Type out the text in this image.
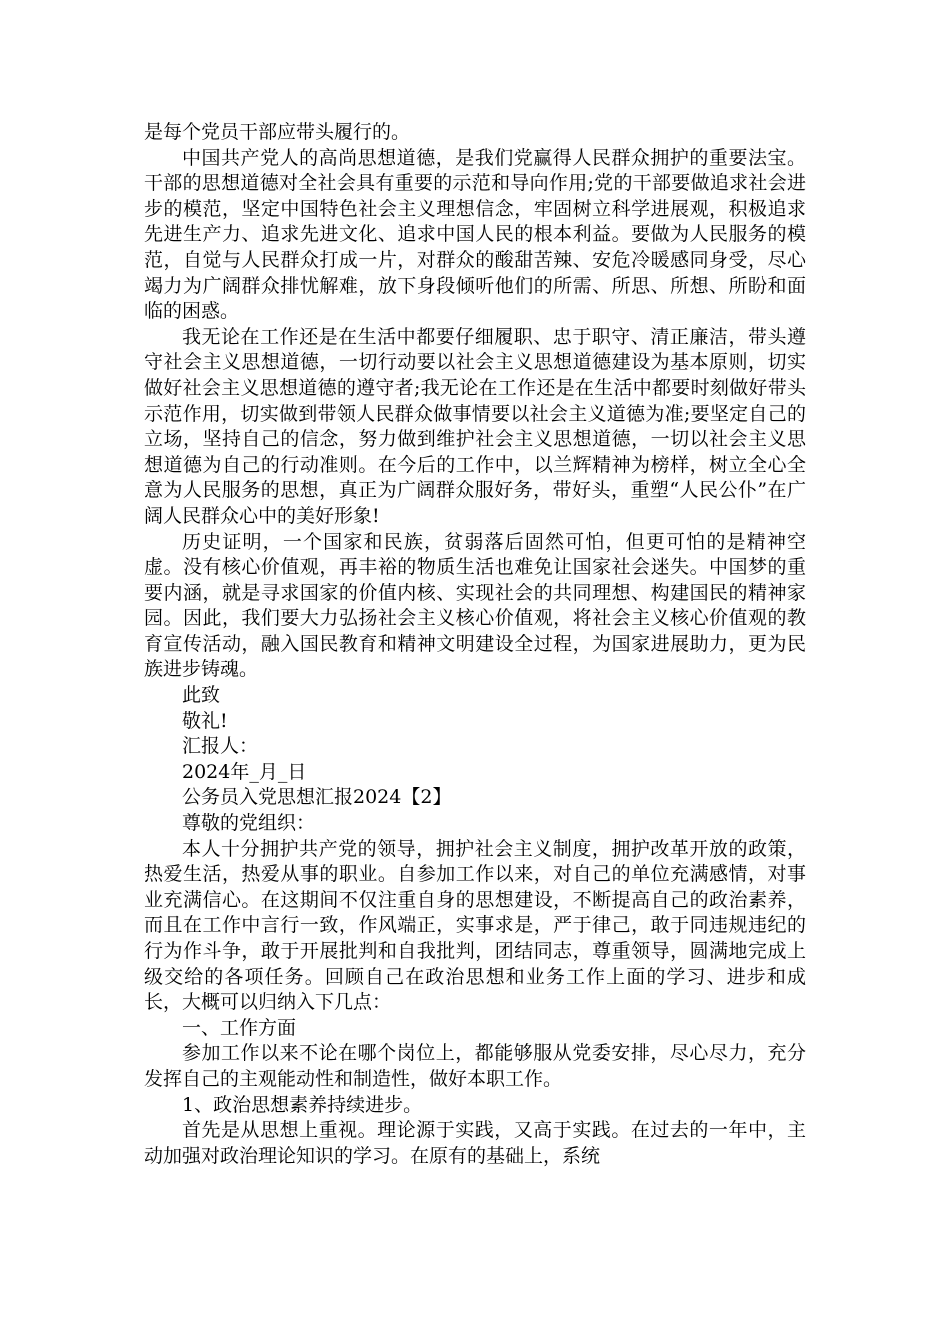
是每个党员干部应带头履行的。

中国共产党人的高尚思想道德，是我们党赢得人民群众拥护的重要法宝。干部的思想道德对全社会具有重要的示范和导向作用;党的干部要做追求社会进步的模范，坚定中国特色社会主义理想信念，牢固树立科学进展观，积极追求先进生产力、追求先进文化、追求中国人民的根本利益。要做为人民服务的模范，自觉与人民群众打成一片，对群众的酸甜苦辣、安危冷暖感同身受，尽心竭力为广阔群众排忧解难，放下身段倾听他们的所需、所思、所想、所盼和面临的困惑。

我无论在工作还是在生活中都要仔细履职、忠于职守、清正廉洁，带头遵守社会主义思想道德，一切行动要以社会主义思想道德建设为基本原则，切实做好社会主义思想道德的遵守者;我无论在工作还是在生活中都要时刻做好带头示范作用，切实做到带领人民群众做事情要以社会主义道德为准;要坚定自己的立场，坚持自己的信念，努力做到维护社会主义思想道德，一切以社会主义思想道德为自己的行动准则。在今后的工作中，以兰辉精神为榜样，树立全心全意为人民服务的思想，真正为广阔群众服好务，带好头，重塑“人民公仆”在广阔人民群众心中的美好形象!

历史证明，一个国家和民族，贫弱落后固然可怕，但更可怕的是精神空虚。没有核心价值观，再丰裕的物质生活也难免让国家社会迷失。中国梦的重要内涵，就是寻求国家的价值内核、实现社会的共同理想、构建国民的精神家园。因此，我们要大力弘扬社会主义核心价值观，将社会主义核心价值观的教育宣传活动，融入国民教育和精神文明建设全过程，为国家进展助力，更为民族进步铸魂。

此致

敬礼!

汇报人：

2024年_月_日

公务员入党思想汇报2024【2】

尊敬的党组织：

本人十分拥护共产党的领导，拥护社会主义制度，拥护改革开放的政策，热爱生活，热爱从事的职业。自参加工作以来，对自己的单位充满感情，对事业充满信心。在这期间不仅注重自身的思想建设，不断提高自己的政治素养，而且在工作中言行一致，作风端正，实事求是，严于律己，敢于同违规违纪的行为作斗争，敢于开展批判和自我批判，团结同志，尊重领导，圆满地完成上级交给的各项任务。回顾自己在政治思想和业务工作上面的学习、进步和成长，大概可以归纳入下几点：

一、工作方面

参加工作以来不论在哪个岗位上，都能够服从党委安排，尽心尽力，充分发挥自己的主观能动性和制造性，做好本职工作。

1、政治思想素养持续进步。

首先是从思想上重视。理论源于实践，又高于实践。在过去的一年中，主动加强对政治理论知识的学习。在原有的基础上，系统
